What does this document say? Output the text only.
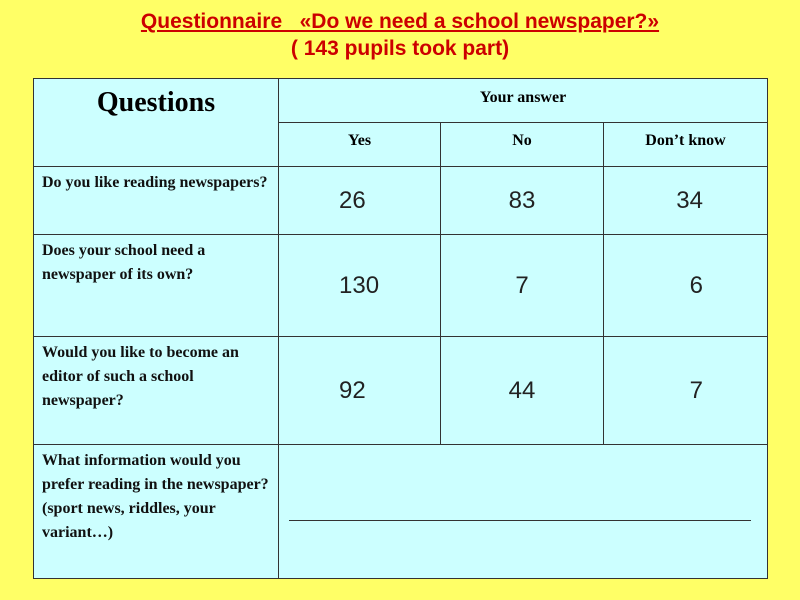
Questionnaire   «Do we need a school newspaper?»
( 143 pupils took part)
Questions	Your answer		
	Yes	No	Don’t know
Do you like reading newspapers?	26	83	34
Does your school need a newspaper of its own?	130	7	6
Would you like to become an editor of such a school newspaper?	92	44	7
What information would you prefer reading in the newspaper? (sport news, riddles, your variant…)			
